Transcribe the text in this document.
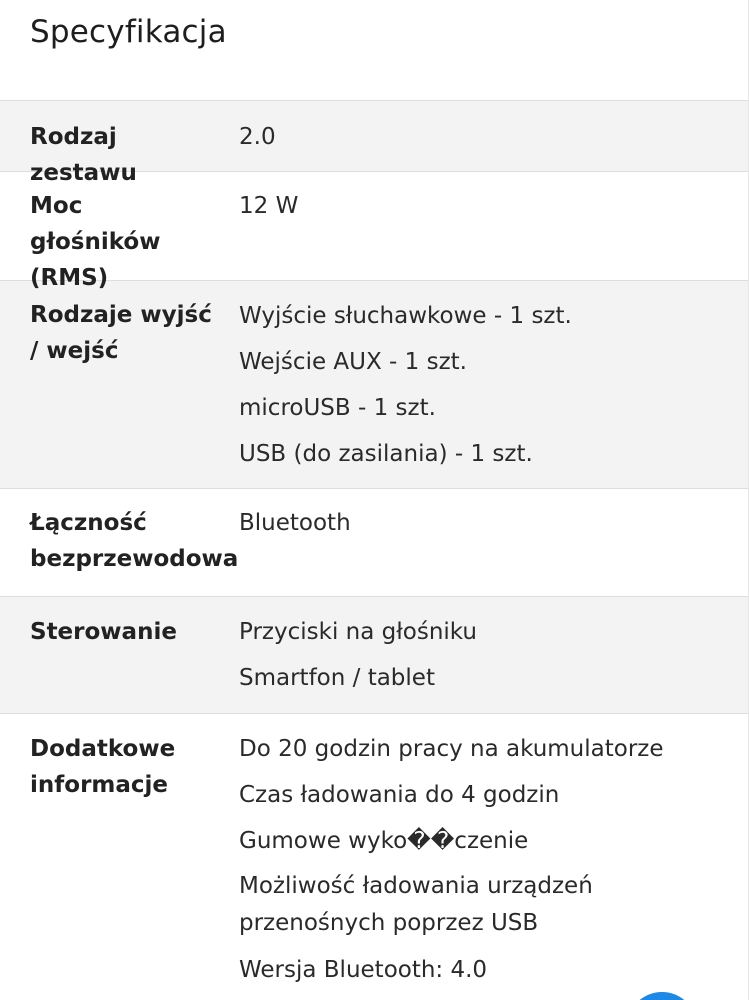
Specyfikacja
Rodzaj zestawu
2.0
Moc głośników (RMS)
12 W
Rodzaje wyjść / wejść
Wyjście słuchawkowe - 1 szt.
Wejście AUX - 1 szt.
microUSB - 1 szt.
USB (do zasilania) - 1 szt.
Łączność bezprzewodowa
Bluetooth
Sterowanie	Przyciski na głośniku
Smartfon / tablet
Dodatkowe informacje
Do 20 godzin pracy na akumulatorze
Czas ładowania do 4 godzin
Gumowe wyko��czenie
Możliwość ładowania urządzeń przenośnych poprzez USB
Wersja Bluetooth: 4.0
